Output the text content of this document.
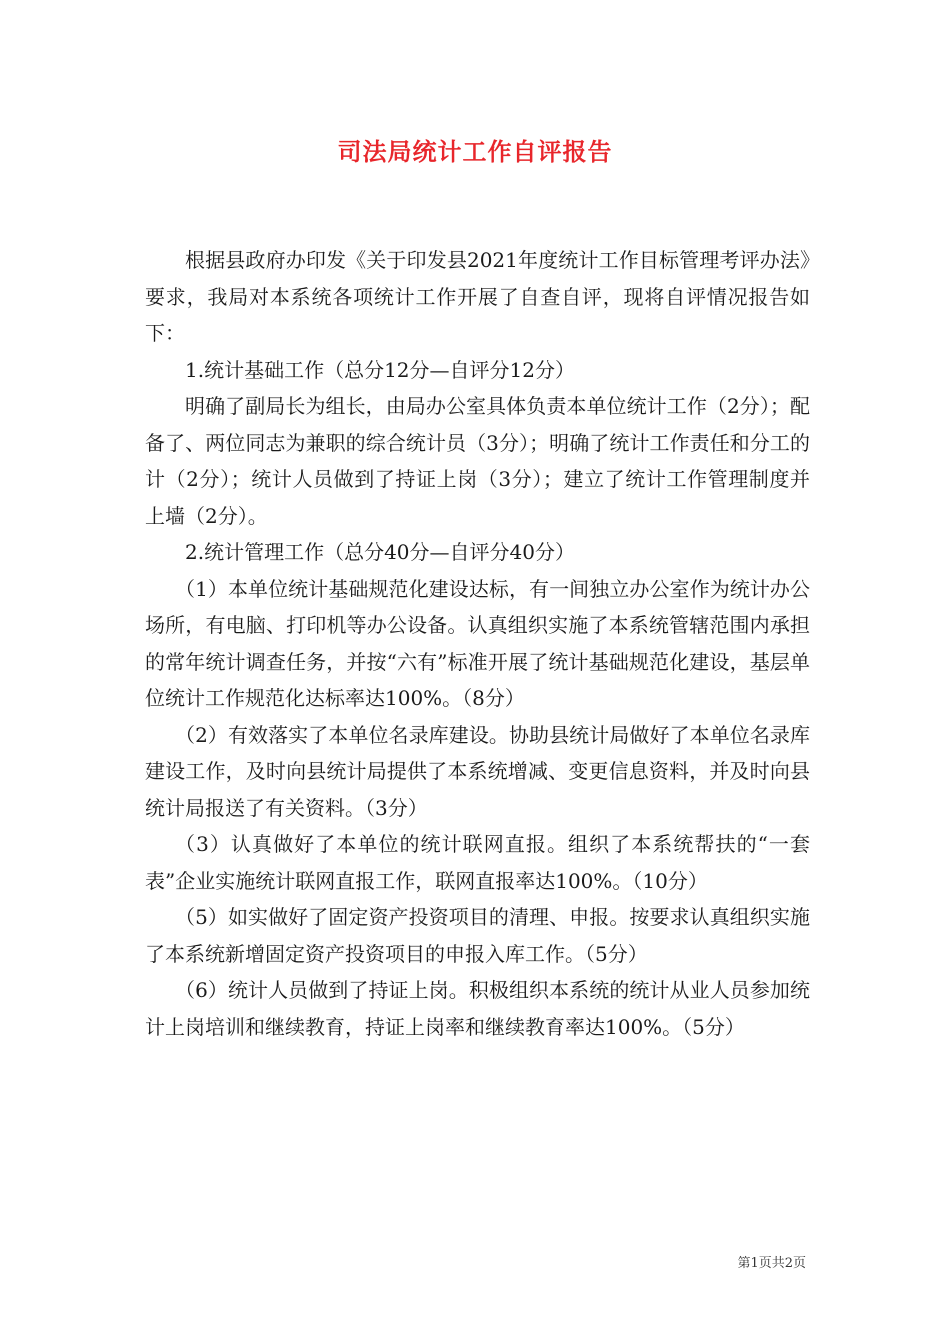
司法局统计工作自评报告

根据县政府办印发《关于印发县2021年度统计工作目标管理考评办法》要求，我局对本系统各项统计工作开展了自查自评，现将自评情况报告如下：

1.统计基础工作（总分12分—自评分12分）

明确了副局长为组长，由局办公室具体负责本单位统计工作（2分）；配备了、两位同志为兼职的综合统计员（3分）；明确了统计工作责任和分工的计（2分）；统计人员做到了持证上岗（3分）；建立了统计工作管理制度并上墙（2分）。

2.统计管理工作（总分40分—自评分40分）

（1）本单位统计基础规范化建设达标，有一间独立办公室作为统计办公场所，有电脑、打印机等办公设备。认真组织实施了本系统管辖范围内承担的常年统计调查任务，并按“六有”标准开展了统计基础规范化建设，基层单位统计工作规范化达标率达100%。（8分）

（2）有效落实了本单位名录库建设。协助县统计局做好了本单位名录库建设工作，及时向县统计局提供了本系统增减、变更信息资料，并及时向县统计局报送了有关资料。（3分）

（3）认真做好了本单位的统计联网直报。组织了本系统帮扶的“一套表”企业实施统计联网直报工作，联网直报率达100%。（10分）

（5）如实做好了固定资产投资项目的清理、申报。按要求认真组织实施了本系统新增固定资产投资项目的申报入库工作。（5分）

（6）统计人员做到了持证上岗。积极组织本系统的统计从业人员参加统计上岗培训和继续教育，持证上岗率和继续教育率达100%。（5分）

第1页共2页
